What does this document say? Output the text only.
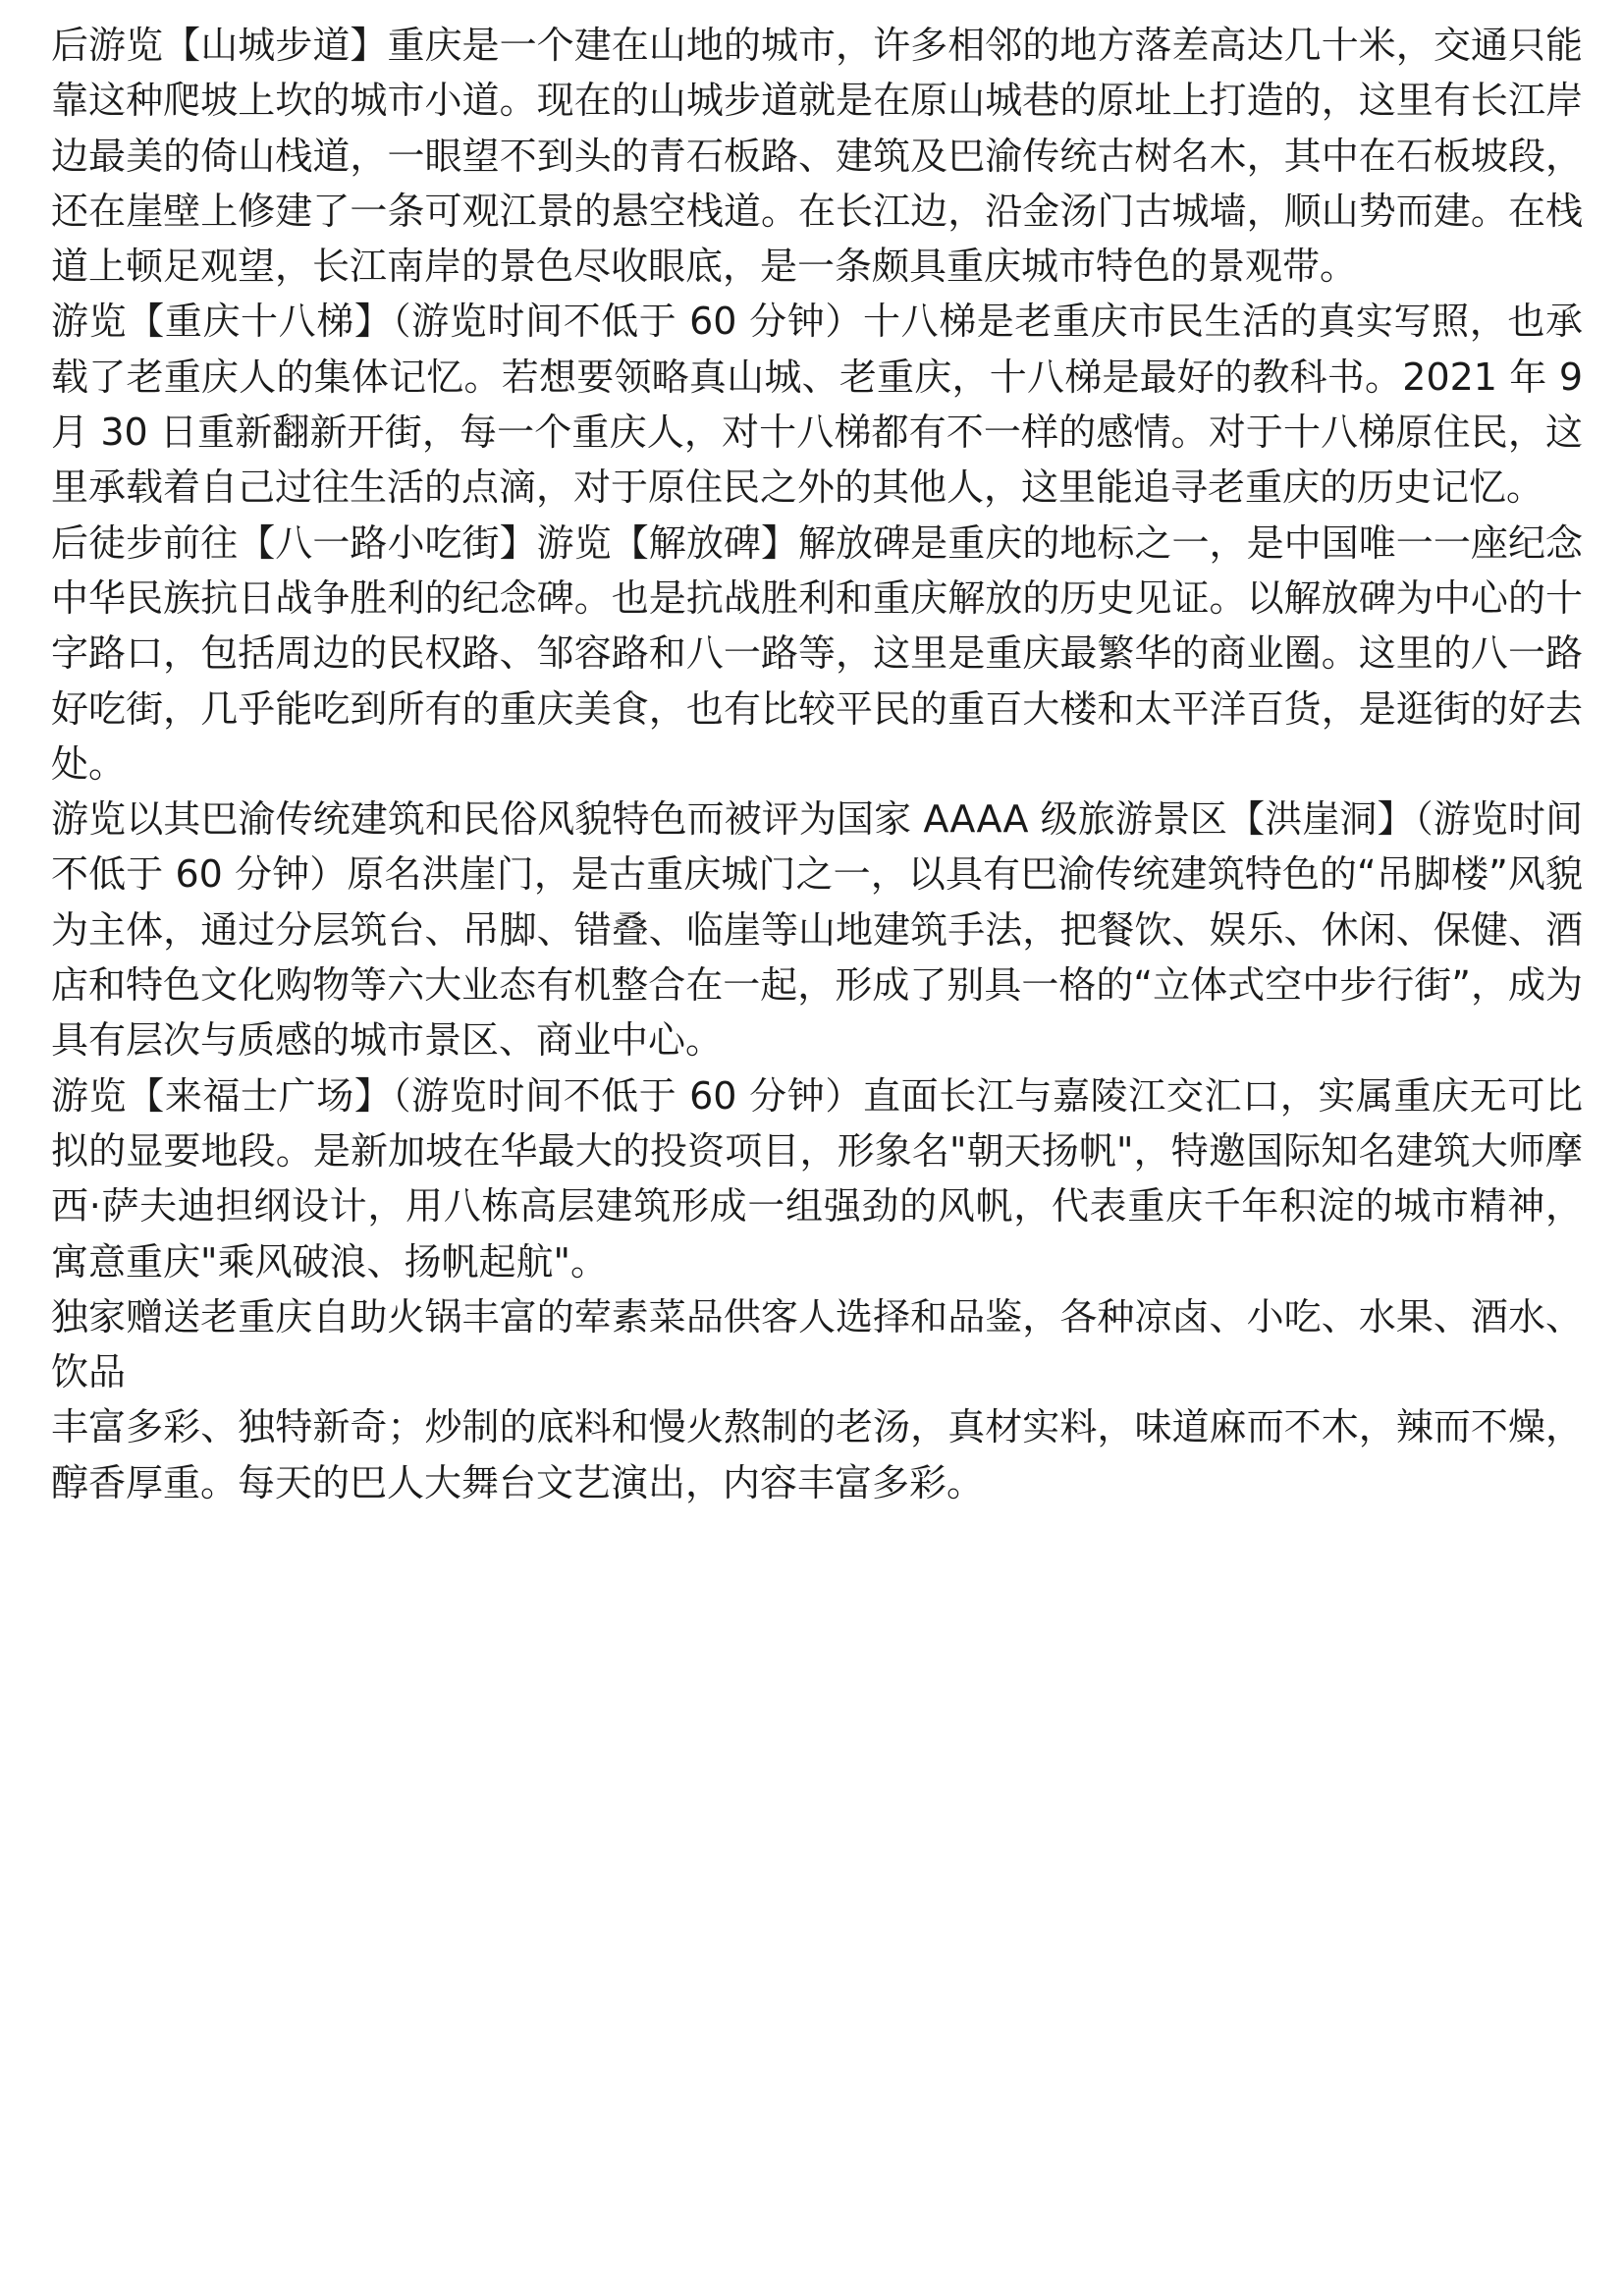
后游览【山城步道】重庆是一个建在山地的城市，许多相邻的地方落差高达几十米，交通只能靠这种爬坡上坎的城市小道。现在的山城步道就是在原山城巷的原址上打造的，这里有长江岸边最美的倚山栈道，一眼望不到头的青石板路、建筑及巴渝传统古树名木，其中在石板坡段，还在崖壁上修建了一条可观江景的悬空栈道。在长江边，沿金汤门古城墙，顺山势而建。在栈道上顿足观望，长江南岸的景色尽收眼底，是一条颇具重庆城市特色的景观带。

游览【重庆十八梯】（游览时间不低于 60 分钟）十八梯是老重庆市民生活的真实写照，也承载了老重庆人的集体记忆。若想要领略真山城、老重庆，十八梯是最好的教科书。2021 年 9 月 30 日重新翻新开街，每一个重庆人，对十八梯都有不一样的感情。对于十八梯原住民，这里承载着自己过往生活的点滴，对于原住民之外的其他人，这里能追寻老重庆的历史记忆。

后徒步前往【八一路小吃街】游览【解放碑】解放碑是重庆的地标之一，是中国唯一一座纪念中华民族抗日战争胜利的纪念碑。也是抗战胜利和重庆解放的历史见证。以解放碑为中心的十字路口，包括周边的民权路、邹容路和八一路等，这里是重庆最繁华的商业圈。这里的八一路好吃街，几乎能吃到所有的重庆美食，也有比较平民的重百大楼和太平洋百货，是逛街的好去处。

游览以其巴渝传统建筑和民俗风貌特色而被评为国家 AAAA 级旅游景区【洪崖洞】（游览时间不低于 60 分钟）原名洪崖门，是古重庆城门之一，以具有巴渝传统建筑特色的“吊脚楼”风貌为主体，通过分层筑台、吊脚、错叠、临崖等山地建筑手法，把餐饮、娱乐、休闲、保健、酒店和特色文化购物等六大业态有机整合在一起，形成了别具一格的“立体式空中步行街”，成为具有层次与质感的城市景区、商业中心。

游览【来福士广场】（游览时间不低于 60 分钟）直面长江与嘉陵江交汇口，实属重庆无可比拟的显要地段。是新加坡在华最大的投资项目，形象名"朝天扬帆"，特邀国际知名建筑大师摩西·萨夫迪担纲设计，用八栋高层建筑形成一组强劲的风帆，代表重庆千年积淀的城市精神，寓意重庆"乘风破浪、扬帆起航"。

独家赠送老重庆自助火锅丰富的荤素菜品供客人选择和品鉴，各种凉卤、小吃、水果、酒水、饮品

丰富多彩、独特新奇；炒制的底料和慢火熬制的老汤，真材实料，味道麻而不木，辣而不燥，醇香厚重。每天的巴人大舞台文艺演出，内容丰富多彩。
